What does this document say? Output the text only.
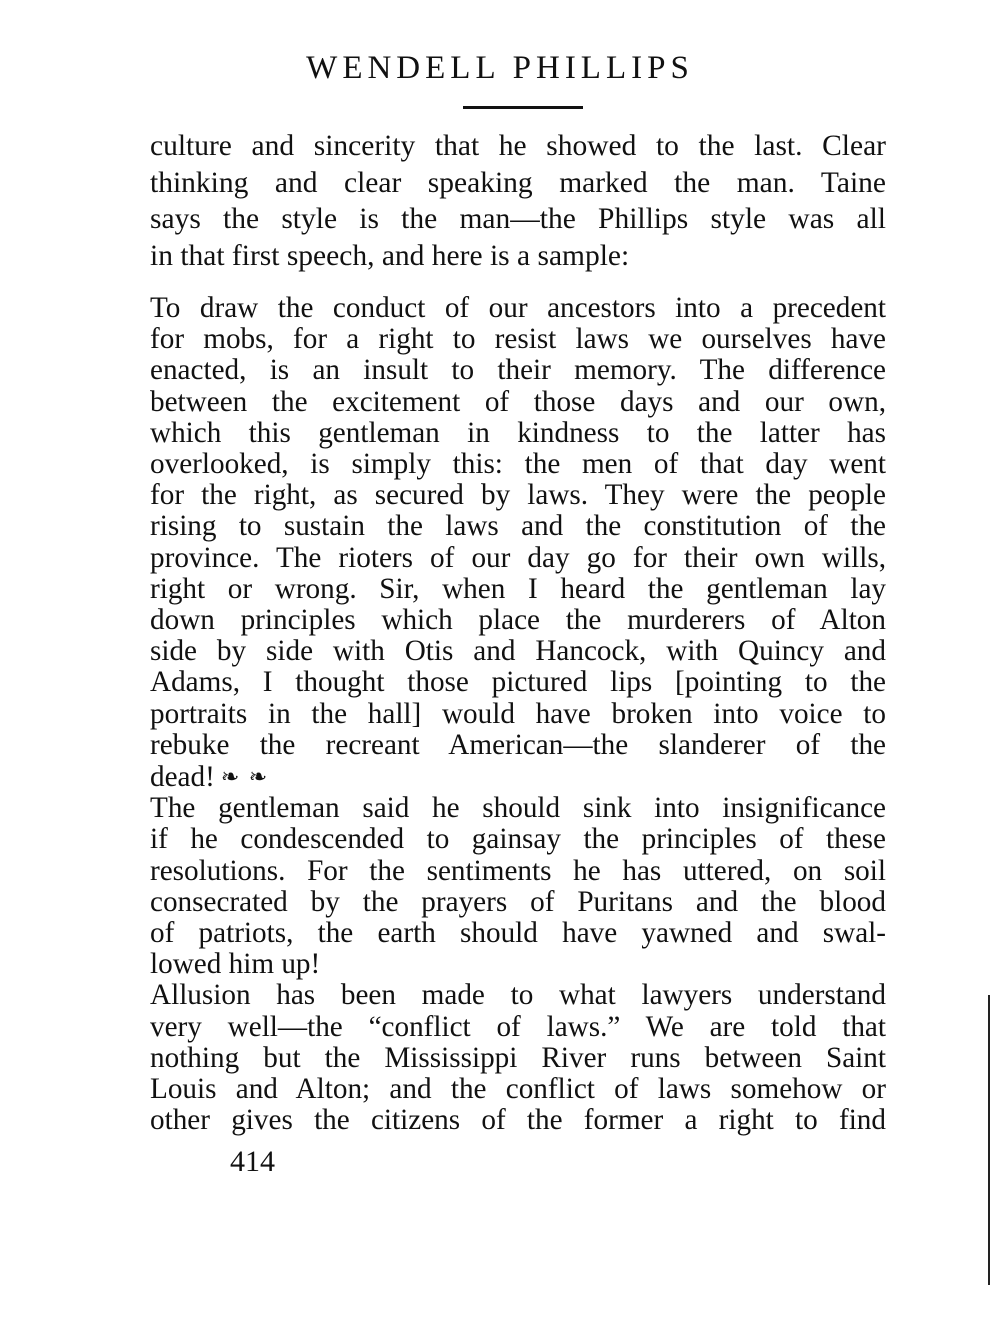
WENDELL PHILLIPS
culture and sincerity that he showed to the last. Clear
thinking and clear speaking marked the man. Taine
says the style is the man—the Phillips style was all
in that first speech, and here is a sample:
To draw the conduct of our ancestors into a precedent
for mobs, for a right to resist laws we ourselves have
enacted, is an insult to their memory. The difference
between the excitement of those days and our own,
which this gentleman in kindness to the latter has
overlooked, is simply this: the men of that day went
for the right, as secured by laws. They were the people
rising to sustain the laws and the constitution of the
province. The rioters of our day go for their own wills,
right or wrong. Sir, when I heard the gentleman lay
down principles which place the murderers of Alton
side by side with Otis and Hancock, with Quincy and
Adams, I thought those pictured lips [pointing to the
portraits in the hall] would have broken into voice to
rebuke the recreant American—the slanderer of the
dead! ❧ ❧
The gentleman said he should sink into insignificance
if he condescended to gainsay the principles of these
resolutions. For the sentiments he has uttered, on soil
consecrated by the prayers of Puritans and the blood
of patriots, the earth should have yawned and swal-
lowed him up!
Allusion has been made to what lawyers understand
very well—the “conflict of laws.” We are told that
nothing but the Mississippi River runs between Saint
Louis and Alton; and the conflict of laws somehow or
other gives the citizens of the former a right to find
414
